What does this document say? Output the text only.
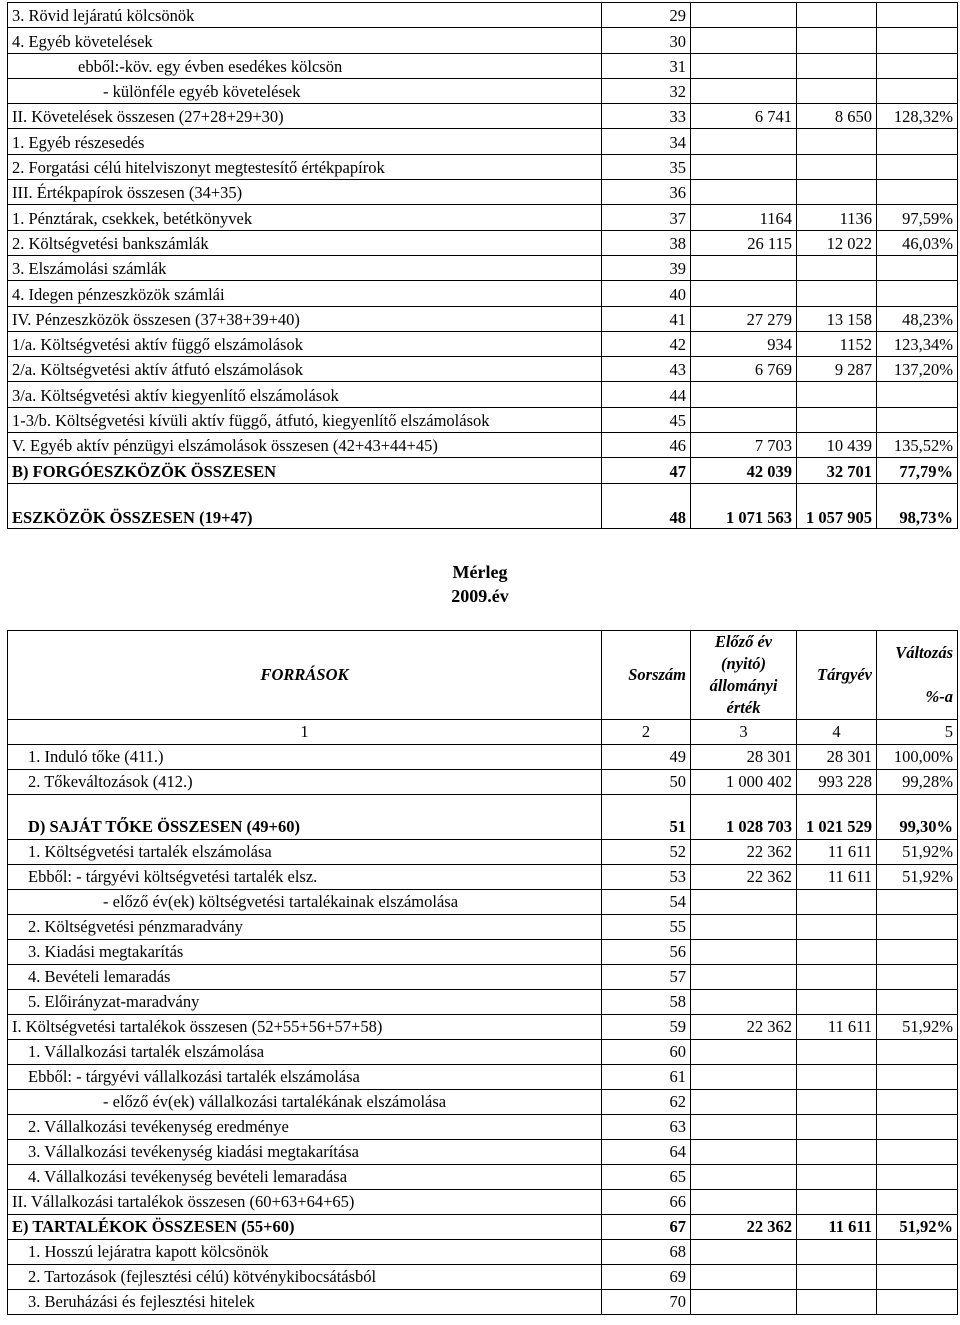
3. Rövid lejáratú kölcsönök	29			
4. Egyéb követelések	30			
ebből:-köv. egy évben esedékes kölcsön	31			
- különféle egyéb követelések	32			
II. Követelések összesen (27+28+29+30)	33	6 741	8 650	128,32%
1. Egyéb részesedés	34			
2. Forgatási célú hitelviszonyt megtestesítő értékpapírok	35			
III. Értékpapírok összesen (34+35)	36			
1. Pénztárak, csekkek, betétkönyvek	37	1164	1136	97,59%
2. Költségvetési bankszámlák	38	26 115	12 022	46,03%
3. Elszámolási számlák	39			
4. Idegen pénzeszközök számlái	40			
IV. Pénzeszközök összesen (37+38+39+40)	41	27 279	13 158	48,23%
1/a. Költségvetési aktív függő elszámolások	42	934	1152	123,34%
2/a. Költségvetési aktív átfutó elszámolások	43	6 769	9 287	137,20%
3/a. Költségvetési aktív kiegyenlítő elszámolások	44			
1-3/b. Költségvetési kívüli aktív függő, átfutó, kiegyenlítő elszámolások	45			
V. Egyéb aktív pénzügyi elszámolások összesen (42+43+44+45)	46	7 703	10 439	135,52%
B) FORGÓESZKÖZÖK ÖSSZESEN	47	42 039	32 701	77,79%
ESZKÖZÖK ÖSSZESEN (19+47)	48	1 071 563	1 057 905	98,73%
Mérleg
2009.év
FORRÁSOK	Sorszám	Előző év (nyitó) állományi érték	Tárgyév	Változás
%-a

1	2	3	4	5
1. Induló tőke (411.)	49	28 301	28 301	100,00%
2. Tőkeváltozások (412.)	50	1 000 402	993 228	99,28%
D) SAJÁT TŐKE ÖSSZESEN (49+60)	51	1 028 703	1 021 529	99,30%
1. Költségvetési tartalék elszámolása	52	22 362	11 611	51,92%
Ebből: - tárgyévi költségvetési tartalék elsz.	53	22 362	11 611	51,92%
- előző év(ek) költségvetési tartalékainak elszámolása	54			
2. Költségvetési pénzmaradvány	55			
3. Kiadási megtakarítás	56			
4. Bevételi lemaradás	57			
5. Előirányzat-maradvány	58			
I. Költségvetési tartalékok összesen (52+55+56+57+58)	59	22 362	11 611	51,92%
1. Vállalkozási tartalék elszámolása	60			
Ebből: - tárgyévi vállalkozási tartalék elszámolása	61			
- előző év(ek) vállalkozási tartalékának elszámolása	62			
2. Vállalkozási tevékenység eredménye	63			
3. Vállalkozási tevékenység kiadási megtakarítása	64			
4. Vállalkozási tevékenység bevételi lemaradása	65			
II. Vállalkozási tartalékok összesen (60+63+64+65)	66			
E) TARTALÉKOK ÖSSZESEN (55+60)	67	22 362	11 611	51,92%
1. Hosszú lejáratra kapott kölcsönök	68			
2. Tartozások (fejlesztési célú) kötvénykibocsátásból	69			
3. Beruházási és fejlesztési hitelek	70			
